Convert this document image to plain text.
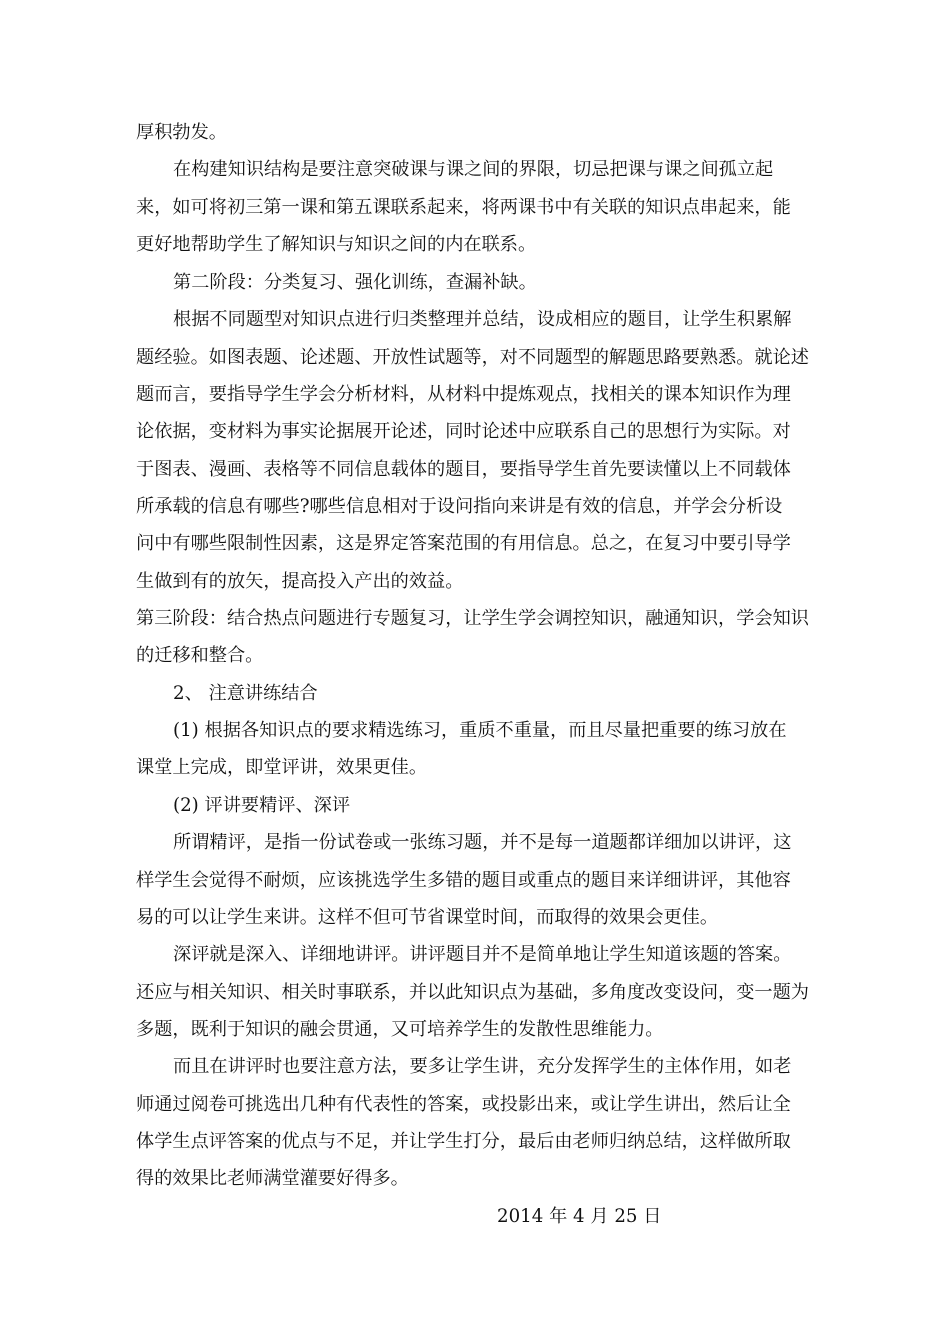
厚积勃发。
在构建知识结构是要注意突破课与课之间的界限，切忌把课与课之间孤立起
来，如可将初三第一课和第五课联系起来，将两课书中有关联的知识点串起来，能
更好地帮助学生了解知识与知识之间的内在联系。
第二阶段：分类复习、强化训练，查漏补缺。
根据不同题型对知识点进行归类整理并总结，设成相应的题目，让学生积累解
题经验。如图表题、论述题、开放性试题等，对不同题型的解题思路要熟悉。就论述
题而言，要指导学生学会分析材料，从材料中提炼观点，找相关的课本知识作为理
论依据，变材料为事实论据展开论述，同时论述中应联系自己的思想行为实际。对
于图表、漫画、表格等不同信息载体的题目，要指导学生首先要读懂以上不同载体
所承载的信息有哪些?哪些信息相对于设问指向来讲是有效的信息，并学会分析设
问中有哪些限制性因素，这是界定答案范围的有用信息。总之，在复习中要引导学
生做到有的放矢，提高投入产出的效益。
第三阶段：结合热点问题进行专题复习，让学生学会调控知识，融通知识，学会知识
的迁移和整合。
2、 注意讲练结合
(1) 根据各知识点的要求精选练习，重质不重量，而且尽量把重要的练习放在
课堂上完成，即堂评讲，效果更佳。
(2) 评讲要精评、深评
所谓精评，是指一份试卷或一张练习题，并不是每一道题都详细加以讲评，这
样学生会觉得不耐烦，应该挑选学生多错的题目或重点的题目来详细讲评，其他容
易的可以让学生来讲。这样不但可节省课堂时间，而取得的效果会更佳。
深评就是深入、详细地讲评。讲评题目并不是简单地让学生知道该题的答案。
还应与相关知识、相关时事联系，并以此知识点为基础，多角度改变设问，变一题为
多题，既利于知识的融会贯通，又可培养学生的发散性思维能力。
而且在讲评时也要注意方法，要多让学生讲，充分发挥学生的主体作用，如老
师通过阅卷可挑选出几种有代表性的答案，或投影出来，或让学生讲出，然后让全
体学生点评答案的优点与不足，并让学生打分，最后由老师归纳总结，这样做所取
得的效果比老师满堂灌要好得多。
2014 年 4 月 25 日
